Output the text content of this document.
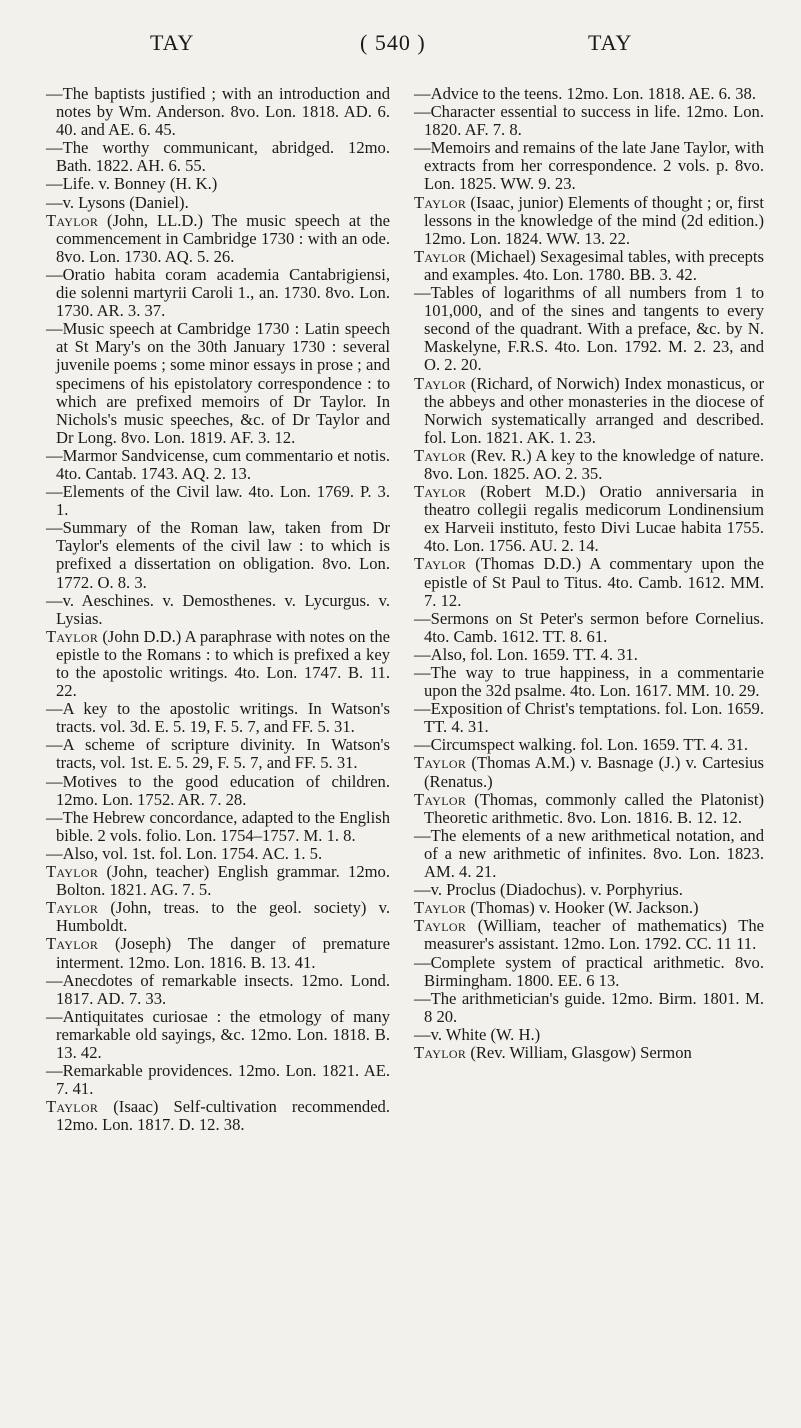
TAY	( 540 )	TAY

—The baptists justified ; with an introduction and notes by Wm. Anderson. 8vo. Lon. 1818. AD. 6. 40. and AE. 6. 45.

—The worthy communicant, abridged. 12mo. Bath. 1822. AH. 6. 55.

—Life. v. Bonney (H. K.)

—v. Lysons (Daniel).

Taylor (John, LL.D.) The music speech at the commencement in Cambridge 1730 : with an ode. 8vo. Lon. 1730. AQ. 5. 26.

—Oratio habita coram academia Cantabrigiensi, die solenni martyrii Caroli 1., an. 1730. 8vo. Lon. 1730. AR. 3. 37.

—Music speech at Cambridge 1730 : Latin speech at St Mary's on the 30th January 1730 : several juvenile poems ; some minor essays in prose ; and specimens of his epistolatory correspondence : to which are prefixed memoirs of Dr Taylor. In Nichols's music speeches, &c. of Dr Taylor and Dr Long. 8vo. Lon. 1819. AF. 3. 12.

—Marmor Sandvicense, cum commentario et notis. 4to. Cantab. 1743. AQ. 2. 13.

—Elements of the Civil law. 4to. Lon. 1769. P. 3. 1.

—Summary of the Roman law, taken from Dr Taylor's elements of the civil law : to which is prefixed a dissertation on obligation. 8vo. Lon. 1772. O. 8. 3.

—v. Aeschines. v. Demosthenes. v. Lycurgus. v. Lysias.

Taylor (John D.D.) A paraphrase with notes on the epistle to the Romans : to which is prefixed a key to the apostolic writings. 4to. Lon. 1747. B. 11. 22.

—A key to the apostolic writings. In Watson's tracts. vol. 3d. E. 5. 19, F. 5. 7, and FF. 5. 31.

—A scheme of scripture divinity. In Watson's tracts, vol. 1st. E. 5. 29, F. 5. 7, and FF. 5. 31.

—Motives to the good education of children. 12mo. Lon. 1752. AR. 7. 28.

—The Hebrew concordance, adapted to the English bible. 2 vols. folio. Lon. 1754–1757. M. 1. 8.

—Also, vol. 1st. fol. Lon. 1754. AC. 1. 5.

Taylor (John, teacher) English grammar. 12mo. Bolton. 1821. AG. 7. 5.

Taylor (John, treas. to the geol. society) v. Humboldt.

Taylor (Joseph) The danger of premature interment. 12mo. Lon. 1816. B. 13. 41.

—Anecdotes of remarkable insects. 12mo. Lond. 1817. AD. 7. 33.

—Antiquitates curiosae : the etmology of many remarkable old sayings, &c. 12mo. Lon. 1818. B. 13. 42.

—Remarkable providences. 12mo. Lon. 1821. AE. 7. 41.

Taylor (Isaac) Self-cultivation recommended. 12mo. Lon. 1817. D. 12. 38.

—Advice to the teens. 12mo. Lon. 1818. AE. 6. 38.

—Character essential to success in life. 12mo. Lon. 1820. AF. 7. 8.

—Memoirs and remains of the late Jane Taylor, with extracts from her correspondence. 2 vols. p. 8vo. Lon. 1825. WW. 9. 23.

Taylor (Isaac, junior) Elements of thought ; or, first lessons in the knowledge of the mind (2d edition.) 12mo. Lon. 1824. WW. 13. 22.

Taylor (Michael) Sexagesimal tables, with precepts and examples. 4to. Lon. 1780. BB. 3. 42.

—Tables of logarithms of all numbers from 1 to 101,000, and of the sines and tangents to every second of the quadrant. With a preface, &c. by N. Maskelyne, F.R.S. 4to. Lon. 1792. M. 2. 23, and O. 2. 20.

Taylor (Richard, of Norwich) Index monasticus, or the abbeys and other monasteries in the diocese of Norwich systematically arranged and described. fol. Lon. 1821. AK. 1. 23.

Taylor (Rev. R.) A key to the knowledge of nature. 8vo. Lon. 1825. AO. 2. 35.

Taylor (Robert M.D.) Oratio anniversaria in theatro collegii regalis medicorum Londinensium ex Harveii instituto, festo Divi Lucae habita 1755. 4to. Lon. 1756. AU. 2. 14.

Taylor (Thomas D.D.) A commentary upon the epistle of St Paul to Titus. 4to. Camb. 1612. MM. 7. 12.

—Sermons on St Peter's sermon before Cornelius. 4to. Camb. 1612. TT. 8. 61.

—Also, fol. Lon. 1659. TT. 4. 31.

—The way to true happiness, in a commentarie upon the 32d psalme. 4to. Lon. 1617. MM. 10. 29.

—Exposition of Christ's temptations. fol. Lon. 1659. TT. 4. 31.

—Circumspect walking. fol. Lon. 1659. TT. 4. 31.

Taylor (Thomas A.M.) v. Basnage (J.) v. Cartesius (Renatus.)

Taylor (Thomas, commonly called the Platonist) Theoretic arithmetic. 8vo. Lon. 1816. B. 12. 12.

—The elements of a new arithmetical notation, and of a new arithmetic of infinites. 8vo. Lon. 1823. AM. 4. 21.

—v. Proclus (Diadochus). v. Porphyrius.

Taylor (Thomas) v. Hooker (W. Jackson.)

Taylor (William, teacher of mathematics) The measurer's assistant. 12mo. Lon. 1792. CC. 11 11.

—Complete system of practical arithmetic. 8vo. Birmingham. 1800. EE. 6 13.

—The arithmetician's guide. 12mo. Birm. 1801. M. 8 20.

—v. White (W. H.)

Taylor (Rev. William, Glasgow) Sermon
